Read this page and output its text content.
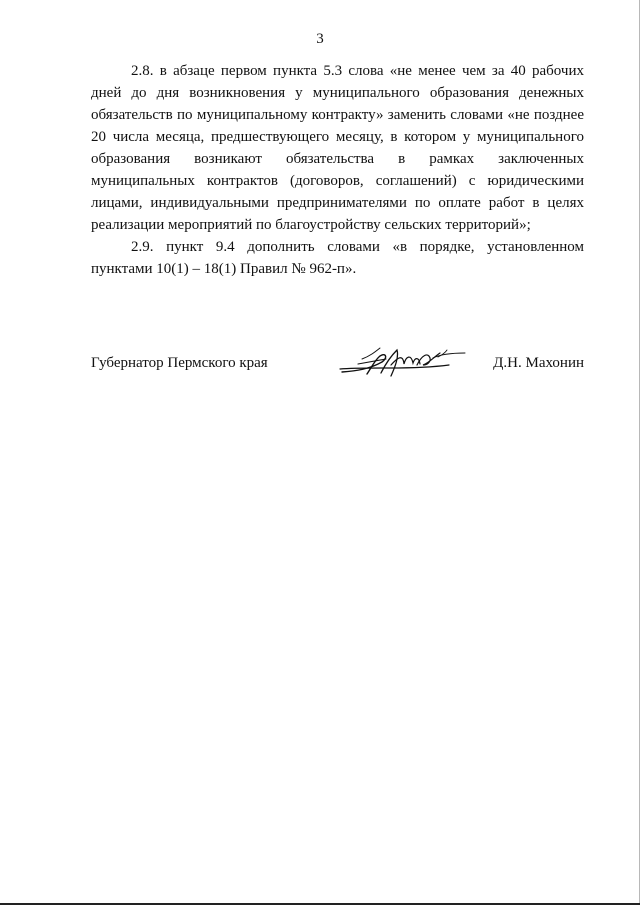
3

2.8. в абзаце первом пункта 5.3 слова «не менее чем за 40 рабочих дней до дня возникновения у муниципального образования денежных обязательств по муниципальному контракту» заменить словами «не позднее 20 числа месяца, предшествующего месяцу, в котором у муниципального образования возникают обязательства в рамках заключенных муниципальных контрактов (договоров, соглашений) с юридическими лицами, индивидуальными предпринимателями по оплате работ в целях реализации мероприятий по благоустройству сельских территорий»;

2.9. пункт 9.4 дополнить словами «в порядке, установленном пунктами 10(1) – 18(1) Правил № 962-п».

Губернатор Пермского края	Д.Н. Махонин
